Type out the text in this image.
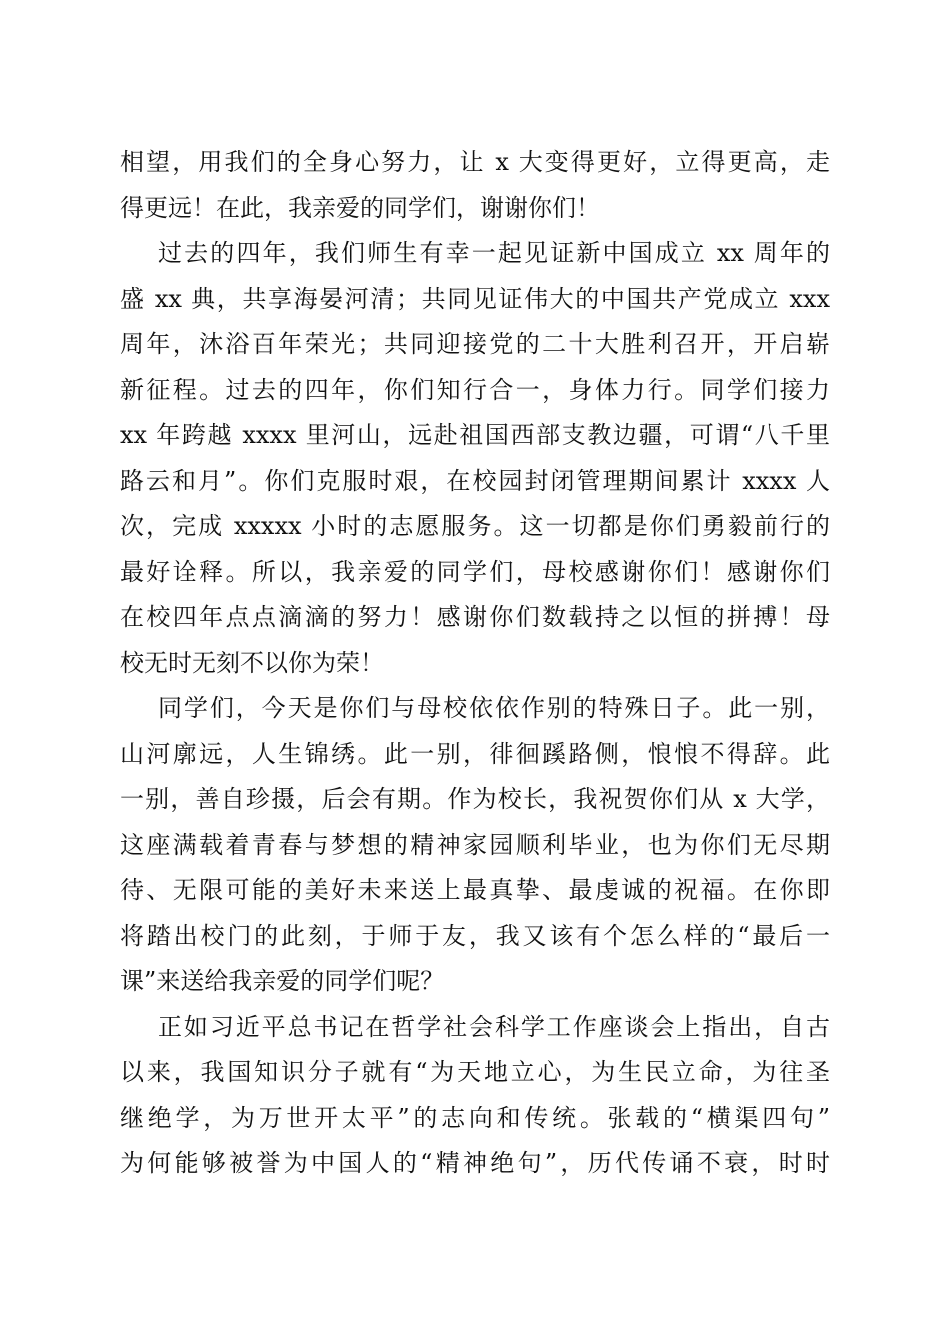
相望，用我们的全身心努力，让 x 大变得更好，立得更高，走
得更远！在此，我亲爱的同学们，谢谢你们！
过去的四年，我们师生有幸一起见证新中国成立 xx 周年的
盛 xx 典，共享海晏河清；共同见证伟大的中国共产党成立 xxx
周年，沐浴百年荣光；共同迎接党的二十大胜利召开，开启崭
新征程。过去的四年，你们知行合一，身体力行。同学们接力
xx 年跨越 xxxx 里河山，远赴祖国西部支教边疆，可谓“八千里
路云和月”。你们克服时艰，在校园封闭管理期间累计 xxxx 人
次，完成 xxxxx 小时的志愿服务。这一切都是你们勇毅前行的
最好诠释。所以，我亲爱的同学们，母校感谢你们！感谢你们
在校四年点点滴滴的努力！感谢你们数载持之以恒的拼搏！母
校无时无刻不以你为荣！
同学们，今天是你们与母校依依作别的特殊日子。此一别，
山河廓远，人生锦绣。此一别，徘徊蹊路侧，悢悢不得辞。此
一别，善自珍摄，后会有期。作为校长，我祝贺你们从 x 大学，
这座满载着青春与梦想的精神家园顺利毕业，也为你们无尽期
待、无限可能的美好未来送上最真挚、最虔诚的祝福。在你即
将踏出校门的此刻，于师于友，我又该有个怎么样的“最后一
课”来送给我亲爱的同学们呢？
正如习近平总书记在哲学社会科学工作座谈会上指出，自古
以来，我国知识分子就有“为天地立心，为生民立命，为往圣
继绝学，为万世开太平”的志向和传统。张载的“横渠四句”
为何能够被誉为中国人的“精神绝句”，历代传诵不衰，时时
